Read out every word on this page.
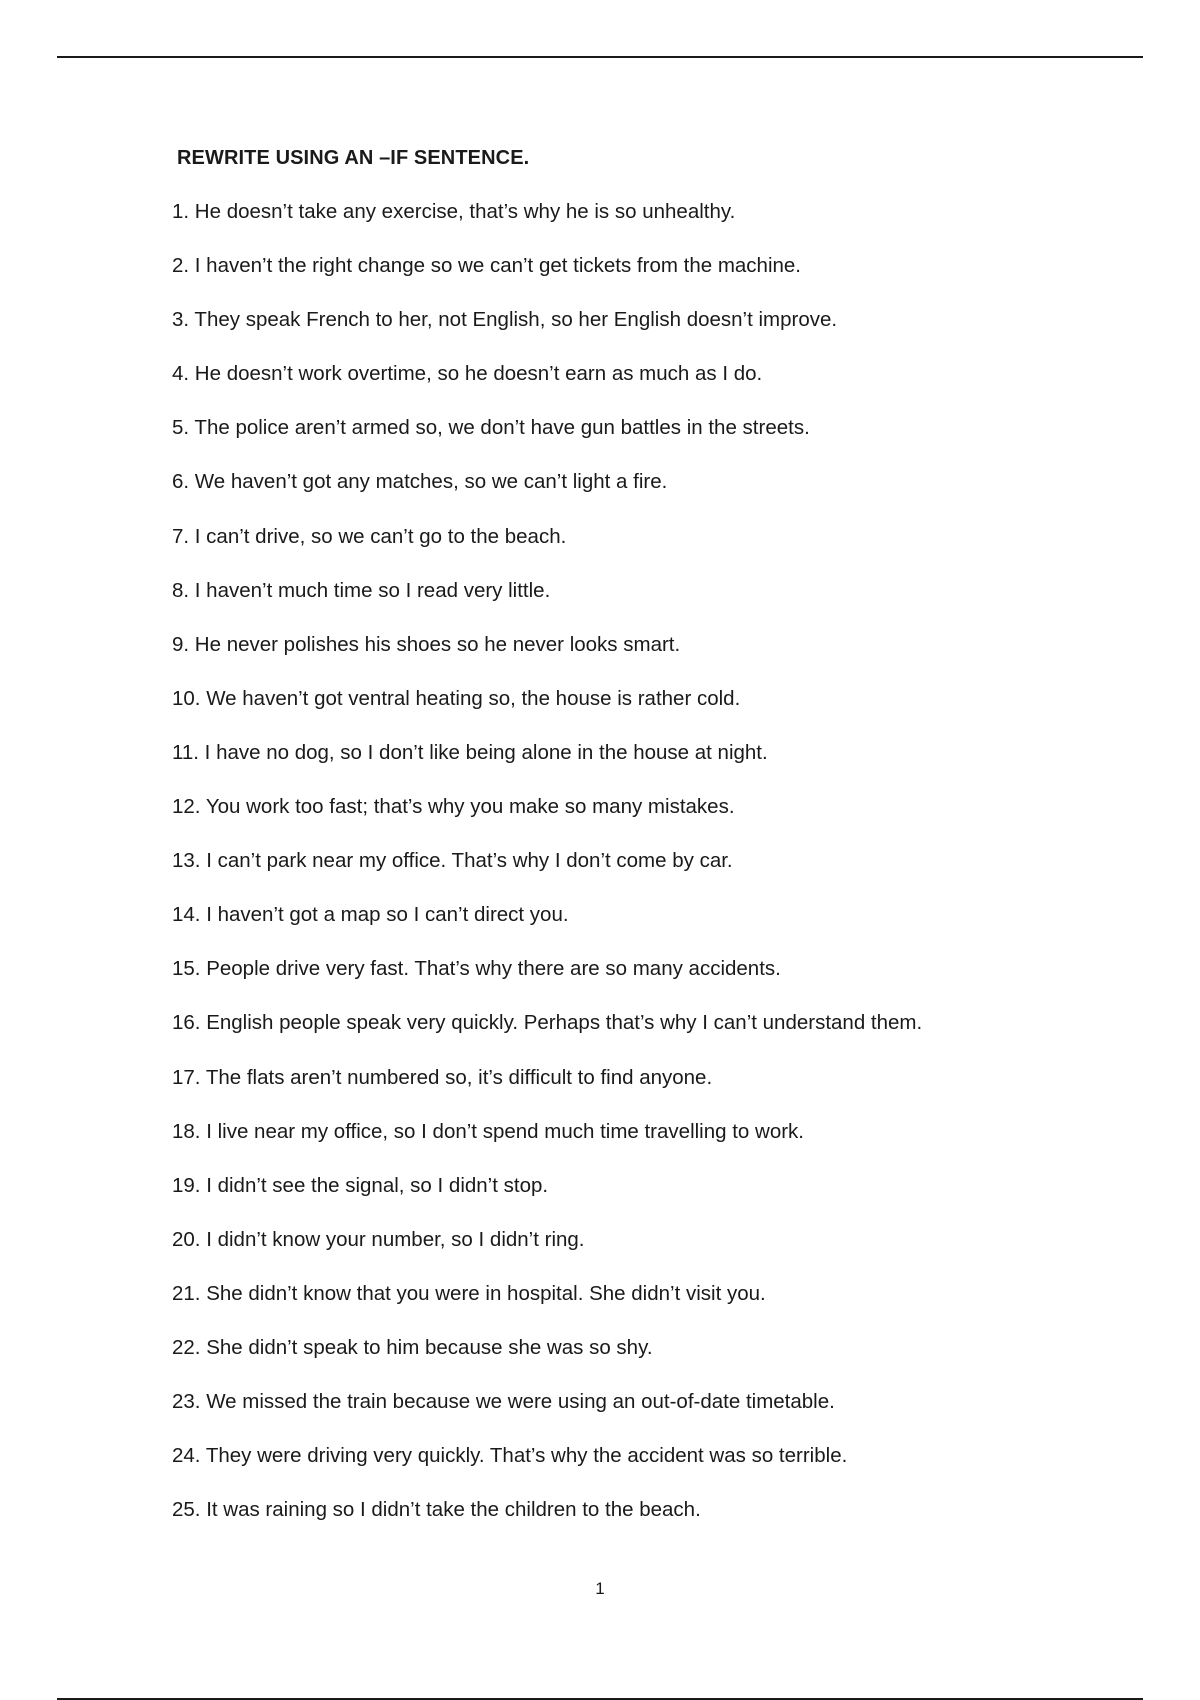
REWRITE USING AN –IF SENTENCE.
1. He doesn’t take any exercise, that’s why he is so unhealthy.
2. I haven’t the right change so we can’t get tickets from the machine.
3. They speak French to her, not English, so her English doesn’t improve.
4. He doesn’t work overtime, so he doesn’t earn as much as I do.
5. The police aren’t armed so, we don’t have gun battles in the streets.
6. We haven’t got any matches, so we can’t light a fire.
7. I can’t drive, so we can’t go to the beach.
8. I haven’t much time so I read very little.
9. He never polishes his shoes so he never looks smart.
10. We haven’t got ventral heating so, the house is rather cold.
11. I have no dog, so I don’t like being alone in the house at night.
12. You work too fast; that’s why you make so many mistakes.
13. I can’t park near my office. That’s why I don’t come by car.
14. I haven’t got a map so I can’t direct you.
15. People drive very fast. That’s why there are so many accidents.
16. English people speak very quickly. Perhaps that’s why I can’t understand them.
17. The flats aren’t numbered so, it’s difficult to find anyone.
18. I live near my office, so I don’t spend much time travelling to work.
19. I didn’t see the signal, so I didn’t stop.
20. I didn’t know your number, so I didn’t ring.
21. She didn’t know that you were in hospital. She didn’t visit you.
22. She didn’t speak to him because she was so shy.
23. We missed the train because we were using an out-of-date timetable.
24. They were driving very quickly. That’s why the accident was so terrible.
25. It was raining so I didn’t take the children to the beach.
1
